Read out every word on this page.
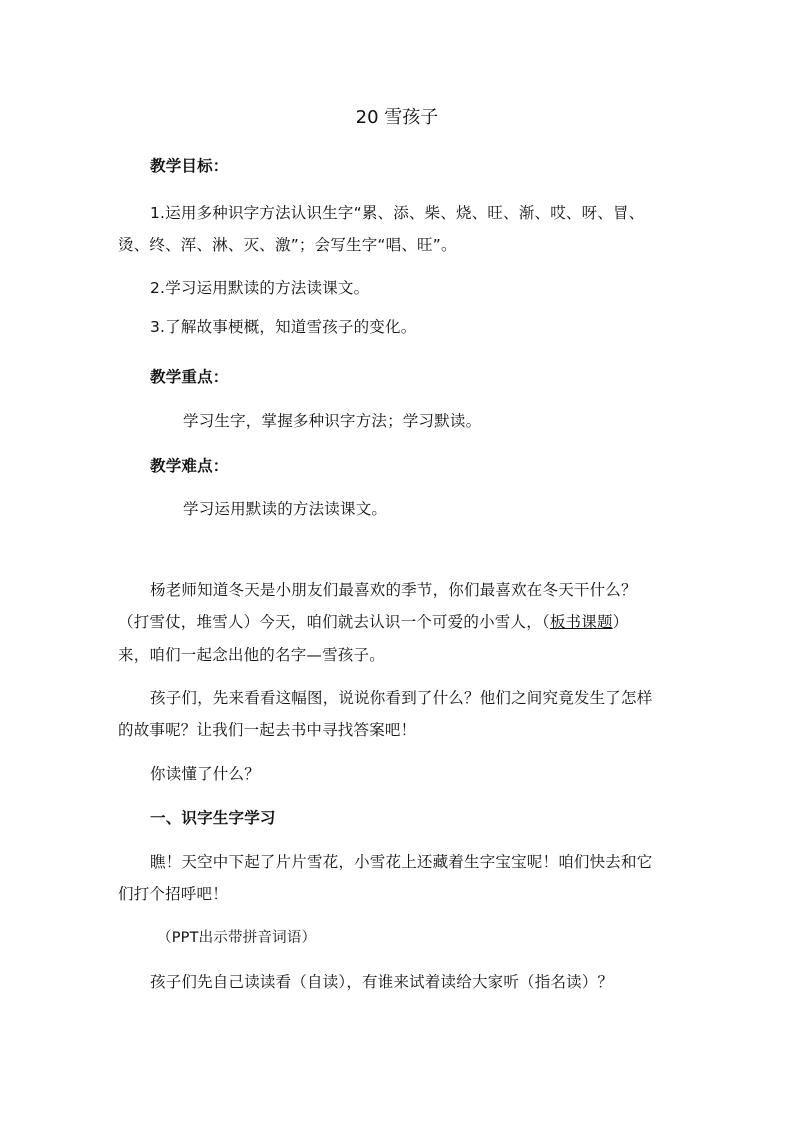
20 雪孩子
教学目标：
1.运用多种识字方法认识生字“累、添、柴、烧、旺、渐、哎、呀、冒、
烫、终、浑、淋、灭、激”；会写生字“唱、旺”。
2.学习运用默读的方法读课文。
3.了解故事梗概，知道雪孩子的变化。
教学重点：
学习生字，掌握多种识字方法；学习默读。
教学难点：
学习运用默读的方法读课文。
杨老师知道冬天是小朋友们最喜欢的季节，你们最喜欢在冬天干什么？
（打雪仗，堆雪人）今天，咱们就去认识一个可爱的小雪人，（板书课题）
来，咱们一起念出他的名字—雪孩子。
孩子们，先来看看这幅图，说说你看到了什么？他们之间究竟发生了怎样
的故事呢？让我们一起去书中寻找答案吧！
你读懂了什么？
一、识字生字学习
瞧！天空中下起了片片雪花，小雪花上还藏着生字宝宝呢！咱们快去和它
们打个招呼吧！
（PPT出示带拼音词语）
孩子们先自己读读看（自读），有谁来试着读给大家听（指名读）？
